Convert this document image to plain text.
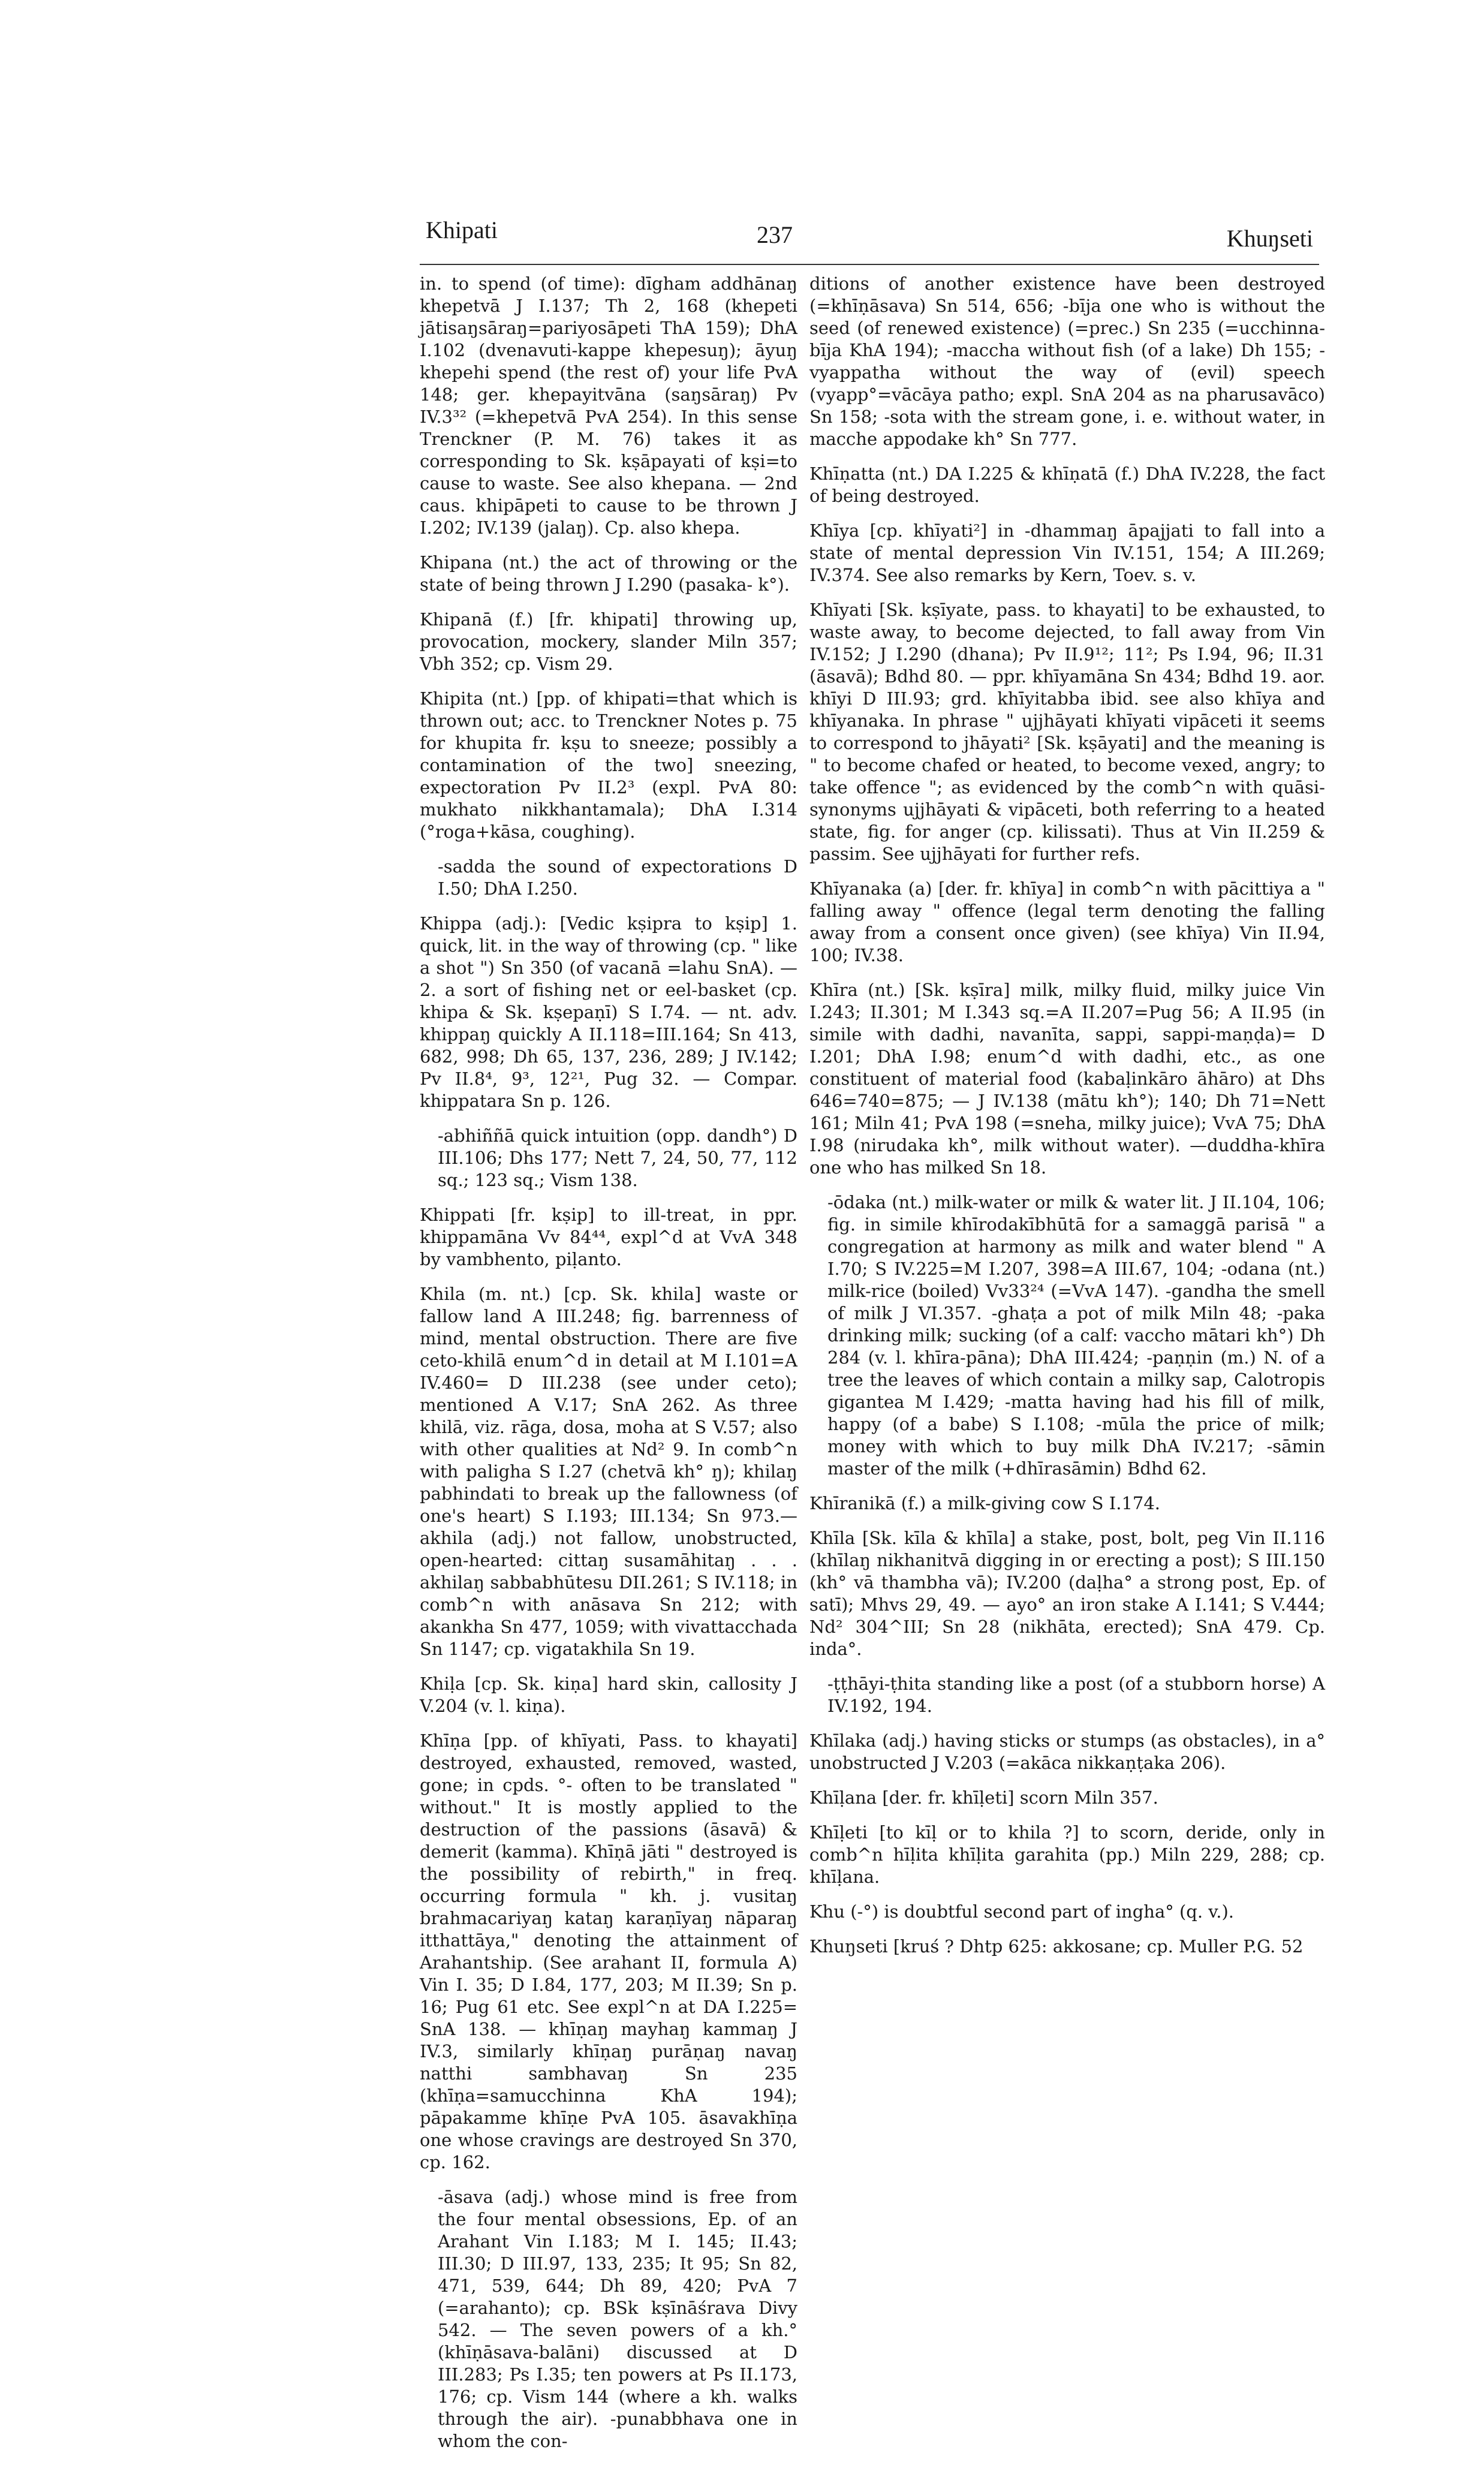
Khipati	237	Khuŋseti

in. to spend (of time): dīgham addhānaŋ khepetvā J I.137; Th 2, 168 (khepeti jātisaŋsāraŋ=pariyosāpeti ThA 159); DhA I.102 (dvenavuti-kappe khepesuŋ); āyuŋ khepehi spend (the rest of) your life PvA 148; ger. khepayitvāna (saŋsāraŋ) Pv IV.3³² (=khepetvā PvA 254). In this sense Trenckner (P. M. 76) takes it as corresponding to Sk. kṣāpayati of kṣi=to cause to waste. See also khepana. — 2nd caus. khipāpeti to cause to be thrown J I.202; IV.139 (jalaŋ). Cp. also khepa.

Khipana (nt.) the act of throwing or the state of being thrown J I.290 (pasaka- k°).

Khipanā (f.) [fr. khipati] throwing up, provocation, mockery, slander Miln 357; Vbh 352; cp. Vism 29.

Khipita (nt.) [pp. of khipati=that which is thrown out; acc. to Trenckner Notes p. 75 for khupita fr. kṣu to sneeze; possibly a contamination of the two] sneezing, expectoration Pv II.2³ (expl. PvA 80: mukhato nikkhantamala); DhA I.314 (°roga+kāsa, coughing).

-sadda the sound of expectorations D I.50; DhA I.250.

Khippa (adj.): [Vedic kṣipra to kṣip] 1. quick, lit. in the way of throwing (cp. " like a shot ") Sn 350 (of vacanā =lahu SnA). — 2. a sort of fishing net or eel-basket (cp. khipa & Sk. kṣepaṇī) S I.74. — nt. adv. khippaŋ quickly A II.118=III.164; Sn 413, 682, 998; Dh 65, 137, 236, 289; J IV.142; Pv II.8⁴, 9³, 12²¹, Pug 32. — Compar. khippatara Sn p. 126.

-abhiññā quick intuition (opp. dandh°) D III.106; Dhs 177; Nett 7, 24, 50, 77, 112 sq.; 123 sq.; Vism 138.

Khippati [fr. kṣip] to ill-treat, in ppr. khippamāna Vv 84⁴⁴, expl^d at VvA 348 by vambhento, piḷanto.

Khila (m. nt.) [cp. Sk. khila] waste or fallow land A III.248; fig. barrenness of mind, mental obstruction. There are five ceto-khilā enum^d in detail at M I.101=A IV.460= D III.238 (see under ceto); mentioned A V.17; SnA 262. As three khilā, viz. rāga, dosa, moha at S V.57; also with other qualities at Nd² 9. In comb^n with paligha S I.27 (chetvā kh° ŋ); khilaŋ pabhindati to break up the fallowness (of one's heart) S I.193; III.134; Sn 973.— akhila (adj.) not fallow, unobstructed, open-hearted: cittaŋ susamāhitaŋ . . . akhilaŋ sabbabhūtesu DII.261; S IV.118; in comb^n with anāsava Sn 212; with akankha Sn 477, 1059; with vivattacchada Sn 1147; cp. vigatakhila Sn 19.

Khiḷa [cp. Sk. kiṇa] hard skin, callosity J V.204 (v. l. kiṇa).

Khīṇa [pp. of khīyati, Pass. to khayati] destroyed, exhausted, removed, wasted, gone; in cpds. °- often to be translated " without." It is mostly applied to the destruction of the passions (āsavā) & demerit (kamma). Khīṇā jāti " destroyed is the possibility of rebirth," in freq. occurring formula " kh. j. vusitaŋ brahmacariyaŋ kataŋ karaṇīyaŋ nāparaŋ itthattāya," denoting the attainment of Arahantship. (See arahant II, formula A) Vin I. 35; D I.84, 177, 203; M II.39; Sn p. 16; Pug 61 etc. See expl^n at DA I.225= SnA 138. — khīṇaŋ mayhaŋ kammaŋ J IV.3, similarly khīṇaŋ purāṇaŋ navaŋ natthi sambhavaŋ Sn 235 (khīṇa=samucchinna KhA 194); pāpakamme khīṇe PvA 105. āsavakhīṇa one whose cravings are destroyed Sn 370, cp. 162.

-āsava (adj.) whose mind is free from the four mental obsessions, Ep. of an Arahant Vin I.183; M I. 145; II.43; III.30; D III.97, 133, 235; It 95; Sn 82, 471, 539, 644; Dh 89, 420; PvA 7 (=arahanto); cp. BSk kṣīnāśrava Divy 542. — The seven powers of a kh.° (khīṇāsava-balāni) discussed at D III.283; Ps I.35; ten powers at Ps II.173, 176; cp. Vism 144 (where a kh. walks through the air). -punabbhava one in whom the con-

ditions of another existence have been destroyed (=khīṇāsava) Sn 514, 656; -bīja one who is without the seed (of renewed existence) (=prec.) Sn 235 (=ucchinna-bīja KhA 194); -maccha without fish (of a lake) Dh 155; -vyappatha without the way of (evil) speech (vyapp°=vācāya patho; expl. SnA 204 as na pharusavāco) Sn 158; -sota with the stream gone, i. e. without water, in macche appodake kh° Sn 777.

Khīṇatta (nt.) DA I.225 & khīṇatā (f.) DhA IV.228, the fact of being destroyed.

Khīya [cp. khīyati²] in -dhammaŋ āpajjati to fall into a state of mental depression Vin IV.151, 154; A III.269; IV.374. See also remarks by Kern, Toev. s. v.

Khīyati [Sk. kṣīyate, pass. to khayati] to be exhausted, to waste away, to become dejected, to fall away from Vin IV.152; J I.290 (dhana); Pv II.9¹²; 11²; Ps I.94, 96; II.31 (āsavā); Bdhd 80. — ppr. khīyamāna Sn 434; Bdhd 19. aor. khīyi D III.93; grd. khīyitabba ibid. see also khīya and khīyanaka. In phrase " ujjhāyati khīyati vipāceti it seems to correspond to jhāyati² [Sk. kṣāyati] and the meaning is " to become chafed or heated, to become vexed, angry; to take offence "; as evidenced by the comb^n with quāsi-synonyms ujjhāyati & vipāceti, both referring to a heated state, fig. for anger (cp. kilissati). Thus at Vin II.259 & passim. See ujjhāyati for further refs.

Khīyanaka (a) [der. fr. khīya] in comb^n with pācittiya a " falling away " offence (legal term denoting the falling away from a consent once given) (see khīya) Vin II.94, 100; IV.38.

Khīra (nt.) [Sk. kṣīra] milk, milky fluid, milky juice Vin I.243; II.301; M I.343 sq.=A II.207=Pug 56; A II.95 (in simile with dadhi, navanīta, sappi, sappi-maṇḍa)= D I.201; DhA I.98; enum^d with dadhi, etc., as one constituent of material food (kabaḷinkāro āhāro) at Dhs 646=740=875; — J IV.138 (mātu kh°); 140; Dh 71=Nett 161; Miln 41; PvA 198 (=sneha, milky juice); VvA 75; DhA I.98 (nirudaka kh°, milk without water). —duddha-khīra one who has milked Sn 18.

-ōdaka (nt.) milk-water or milk & water lit. J II.104, 106; fig. in simile khīrodakībhūtā for a samaggā parisā " a congregation at harmony as milk and water blend " A I.70; S IV.225=M I.207, 398=A III.67, 104; -odana (nt.) milk-rice (boiled) Vv33²⁴ (=VvA 147). -gandha the smell of milk J VI.357. -ghaṭa a pot of milk Miln 48; -paka drinking milk; sucking (of a calf: vaccho mātari kh°) Dh 284 (v. l. khīra-pāna); DhA III.424; -paṇṇin (m.) N. of a tree the leaves of which contain a milky sap, Calotropis gigantea M I.429; -matta having had his fill of milk, happy (of a babe) S I.108; -mūla the price of milk; money with which to buy milk DhA IV.217; -sāmin master of the milk (+dhīrasāmin) Bdhd 62.

Khīranikā (f.) a milk-giving cow S I.174.

Khīla [Sk. kīla & khīla] a stake, post, bolt, peg Vin II.116 (khīlaŋ nikhanitvā digging in or erecting a post); S III.150 (kh° vā thambha vā); IV.200 (daḷha° a strong post, Ep. of satī); Mhvs 29, 49. — ayo° an iron stake A I.141; S V.444; Nd² 304^III; Sn 28 (nikhāta, erected); SnA 479. Cp. inda°.

-ṭṭhāyi-ṭhita standing like a post (of a stubborn horse) A IV.192, 194.

Khīlaka (adj.) having sticks or stumps (as obstacles), in a° unobstructed J V.203 (=akāca nikkaṇṭaka 206).

Khīḷana [der. fr. khīḷeti] scorn Miln 357.

Khīḷeti [to kīḷ or to khila ?] to scorn, deride, only in comb^n hīḷita khīḷita garahita (pp.) Miln 229, 288; cp. khīḷana.

Khu (-°) is doubtful second part of ingha° (q. v.).

Khuŋseti [kruś ? Dhtp 625: akkosane; cp. Muller P.G. 52
